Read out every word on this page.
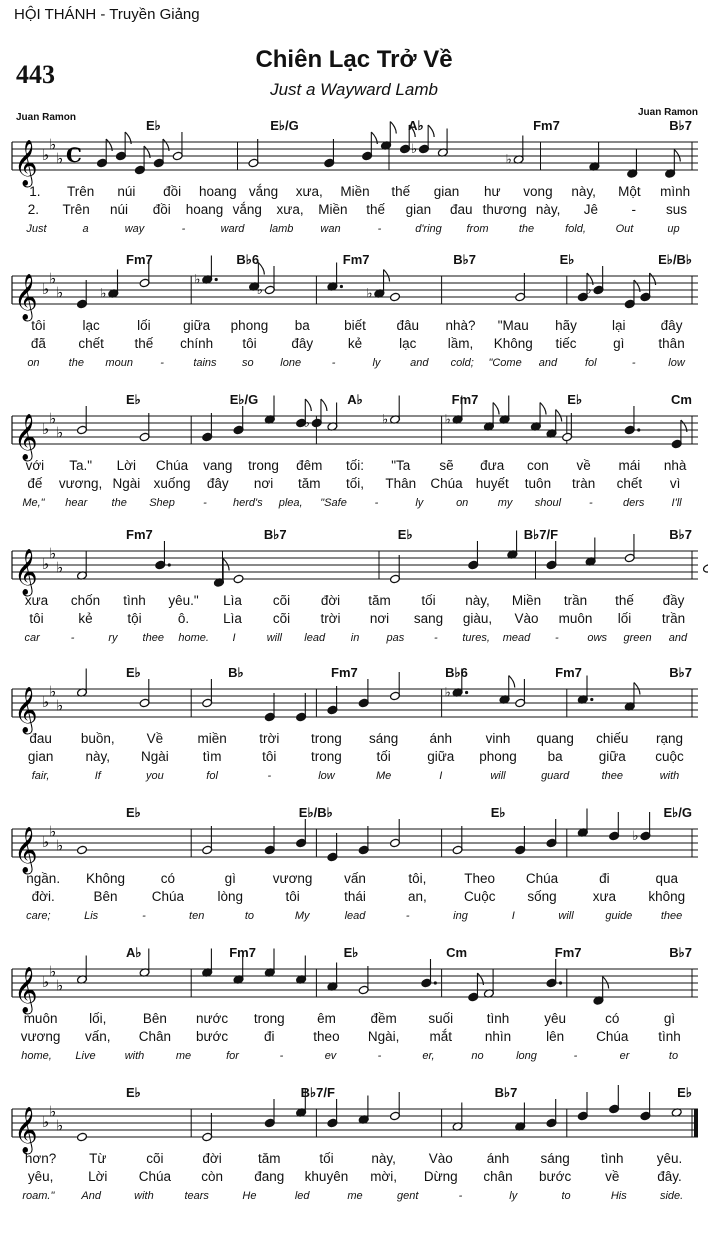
HỘI THÁNH - Truyền Giảng
443
Chiên Lạc Trở Về
Just a Wayward Lamb
Juan Ramon	Juan Ramon
𝄞 ♭
♭
♭ C	♭
♭
E♭	E♭/G	A♭	Fm7	B♭7
1.	Trên	núi	đồi	hoang vắng	xưa,	Miền	thế	gian	hư	vong	này,	Một	mình
2.	Trên	núi	đồi	hoang vắng	xưa,	Miền	thế	gian	đau thương này,	Jê	-	sus
Just	a	way	-	ward	lamb	wan	-	d'ring	from	the	fold,	Out	up
𝄞 ♭
♭
♭	♭
♭
♭	♭	♭
Fm7	B♭6	Fm7	B♭7	E♭	E♭/B♭
tôi	lạc	lối	giữa	phong	ba	biết	đâu	nhà?	"Mau	hãy	lại	đây
đã	chết	thế	chính	tôi	đây	kẻ	lạc	lầm,	Không	tiếc	gì	thân
on	the	moun	-	tains	so	lone	-	ly	and	cold;	"Come	and	fol	-	low
𝄞 ♭
♭
♭
♭	♭	♭
E♭	E♭/G	A♭	Fm7	E♭	Cm
với	Ta."	Lời	Chúa	vang	trong	đêm	tối:	"Ta	sẽ	đưa	con	về	mái	nhà
đế	vương, Ngài xuống	đây	nơi	tăm	tối,	Thân	Chúa huyết	tuôn	tràn	chết	vì
Me,"	hear	the	Shep	-	herd's	plea,	"Safe	-	ly	on	my	shoul	-	ders	I'll
𝄞 ♭
♭
♭
Fm7	B♭7	E♭	B♭7/F	B♭7
xưa	chốn	tình	yêu."	Lìa	cõi	đời	tăm	tối	này,	Miền	trần	thế	đầy
tôi	kẻ	tội	ô.	Lìa	cõi	trời	nơi	sang	giàu,	Vào	muôn	lối	trần
car	-	ry	thee	home.	I	will	lead	in	pas	-	tures,	mead	-	ows	green	and
𝄞 ♭
♭
♭
♭
E♭	B♭	Fm7	B♭6	Fm7	B♭7
đau	buồn,	Về	miền	trời	trong	sáng	ánh	vinh	quang	chiếu	rạng
gian	này,	Ngài	tìm	tôi	trong	tối	giữa	phong	ba	giữa	cuộc
fair,	If	you	fol	-	low	Me	I	will	guard	thee	with
𝄞 ♭
♭
♭
♭
E♭	E♭/B♭	E♭	E♭/G
ngần.	Không	có	gì	vương	vấn	tôi,	Theo	Chúa	đi	qua
đời.	Bên	Chúa	lòng	tôi	thái	an,	Cuộc	sống	xưa	không
care;	Lis	-	ten	to	My	lead	-	ing	I	will	guide	thee
𝄞 ♭
♭
♭
A♭	Fm7	E♭	Cm	Fm7	B♭7
muôn	lối,	Bên	nước	trong	êm	đềm	suối	tình	yêu	có	gì
vương	vấn,	Chân	bước	đi	theo	Ngài,	mắt	nhìn	lên	Chúa	tình
home,	Live	with	me	for	-	ev	-	er,	no	long	-	er	to
𝄞 ♭
♭
♭
E♭	B♭7/F	B♭7	E♭
hơn?	Từ	cõi	đời	tăm	tối	này,	Vào	ánh	sáng	tình	yêu.
yêu,	Lời	Chúa	còn	đang	khuyên	mời,	Dừng	chân	bước	về	đây.
roam."	And	with	tears	He	led	me	gent	-	ly	to	His	side.
